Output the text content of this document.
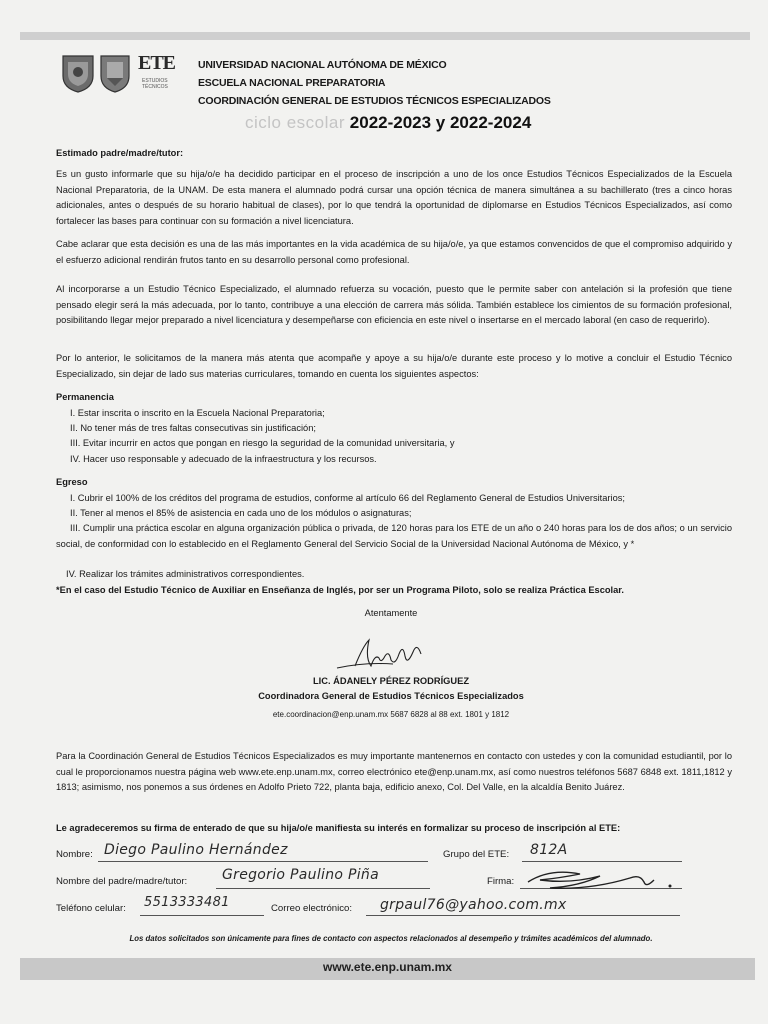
ETE
ESTUDIOS TÉCNICOS
UNIVERSIDAD NACIONAL AUTÓNOMA DE MÉXICO
ESCUELA NACIONAL PREPARATORIA
COORDINACIÓN GENERAL DE ESTUDIOS TÉCNICOS ESPECIALIZADOS
ciclo escolar 2022-2023 y 2022-2024
Estimado padre/madre/tutor:
Es un gusto informarle que su hija/o/e ha decidido participar en el proceso de inscripción a uno de los once Estudios Técnicos Especializados de la Escuela Nacional Preparatoria, de la UNAM. De esta manera el alumnado podrá cursar una opción técnica de manera simultánea a su bachillerato (tres a cinco horas adicionales, antes o después de su horario habitual de clases), por lo que tendrá la oportunidad de diplomarse en Estudios Técnicos Especializados, así como fortalecer las bases para continuar con su formación a nivel licenciatura.
Cabe aclarar que esta decisión es una de las más importantes en la vida académica de su hija/o/e, ya que estamos convencidos de que el compromiso adquirido y el esfuerzo adicional rendirán frutos tanto en su desarrollo personal como profesional.
Al incorporarse a un Estudio Técnico Especializado, el alumnado refuerza su vocación, puesto que le permite saber con antelación si la profesión que tiene pensado elegir será la más adecuada, por lo tanto, contribuye a una elección de carrera más sólida. También establece los cimientos de su formación profesional, posibilitando llegar mejor preparado a nivel licenciatura y desempeñarse con eficiencia en este nivel o insertarse en el mercado laboral (en caso de requerirlo).
Por lo anterior, le solicitamos de la manera más atenta que acompañe y apoye a su hija/o/e durante este proceso y lo motive a concluir el Estudio Técnico Especializado, sin dejar de lado sus materias curriculares, tomando en cuenta los siguientes aspectos:
Permanencia
I. Estar inscrita o inscrito en la Escuela Nacional Preparatoria;
II. No tener más de tres faltas consecutivas sin justificación;
III. Evitar incurrir en actos que pongan en riesgo la seguridad de la comunidad universitaria, y
IV. Hacer uso responsable y adecuado de la infraestructura y los recursos.
Egreso
I. Cubrir el 100% de los créditos del programa de estudios, conforme al artículo 66 del Reglamento General de Estudios Universitarios;
II. Tener al menos el 85% de asistencia en cada uno de los módulos o asignaturas;
III. Cumplir una práctica escolar en alguna organización pública o privada, de 120 horas para los ETE de un año o 240 horas para los de dos años; o un servicio social, de conformidad con lo establecido en el Reglamento General del Servicio Social de la Universidad Nacional Autónoma de México, y *
IV. Realizar los trámites administrativos correspondientes.
*En el caso del Estudio Técnico de Auxiliar en Enseñanza de Inglés, por ser un Programa Piloto, solo se realiza Práctica Escolar.
Atentamente
LIC. ÁDANELY PÉREZ RODRÍGUEZ
Coordinadora General de Estudios Técnicos Especializados
ete.coordinacion@enp.unam.mx 5687 6828 al 88 ext. 1801 y 1812
Para la Coordinación General de Estudios Técnicos Especializados es muy importante mantenernos en contacto con ustedes y con la comunidad estudiantil, por lo cual le proporcionamos nuestra página web www.ete.enp.unam.mx, correo electrónico ete@enp.unam.mx, así como nuestros teléfonos 5687 6848 ext. 1811,1812 y 1813; asimismo, nos ponemos a sus órdenes en Adolfo Prieto 722, planta baja, edificio anexo, Col. Del Valle, en la alcaldía Benito Juárez.
Le agradeceremos su firma de enterado de que su hija/o/e manifiesta su interés en formalizar su proceso de inscripción al ETE:
Nombre: Diego Paulino Hernández	Grupo del ETE: 812A
Nombre del padre/madre/tutor: Gregorio Paulino Piña	Firma:
Teléfono celular: 5513333481	Correo electrónico: grpaul76@yahoo.com.mx
Los datos solicitados son únicamente para fines de contacto con aspectos relacionados al desempeño y trámites académicos del alumnado.
www.ete.enp.unam.mx
